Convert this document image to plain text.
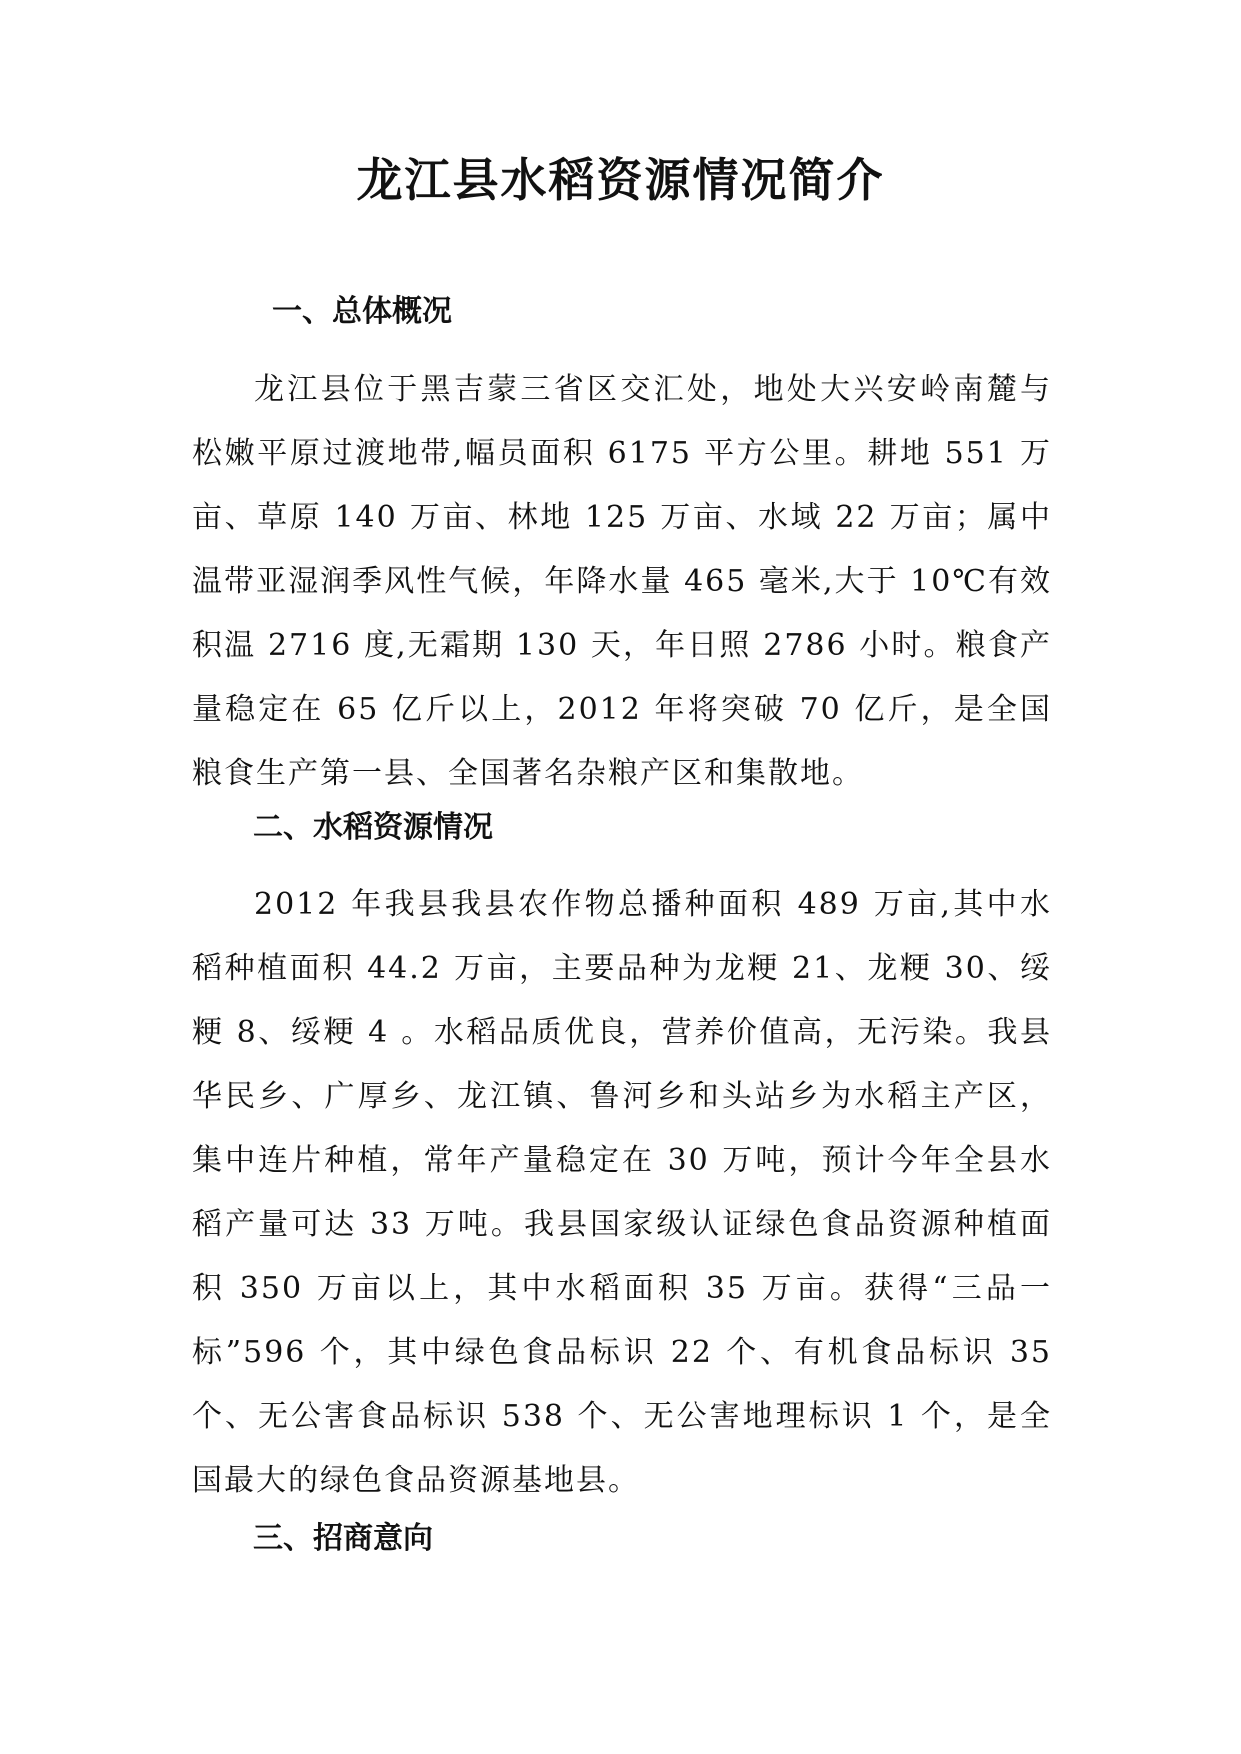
龙江县水稻资源情况简介
一、总体概况

龙江县位于黑吉蒙三省区交汇处，地处大兴安岭南麓与松嫩平原过渡地带,幅员面积 6175 平方公里。耕地 551 万亩、草原 140 万亩、林地 125 万亩、水域 22 万亩；属中温带亚湿润季风性气候，年降水量 465 毫米,大于 10℃有效积温 2716 度,无霜期 130 天，年日照 2786 小时。粮食产量稳定在 65 亿斤以上，2012 年将突破 70 亿斤，是全国粮食生产第一县、全国著名杂粮产区和集散地。

二、水稻资源情况

2012 年我县我县农作物总播种面积 489 万亩,其中水稻种植面积 44.2 万亩，主要品种为龙粳 21、龙粳 30、绥粳 8、绥粳 4 。水稻品质优良，营养价值高，无污染。我县华民乡、广厚乡、龙江镇、鲁河乡和头站乡为水稻主产区，集中连片种植，常年产量稳定在 30 万吨，预计今年全县水稻产量可达 33 万吨。我县国家级认证绿色食品资源种植面积 350 万亩以上，其中水稻面积 35 万亩。获得“三品一标”596 个，其中绿色食品标识 22 个、有机食品标识 35 个、无公害食品标识 538 个、无公害地理标识 1 个，是全国最大的绿色食品资源基地县。

三、招商意向
